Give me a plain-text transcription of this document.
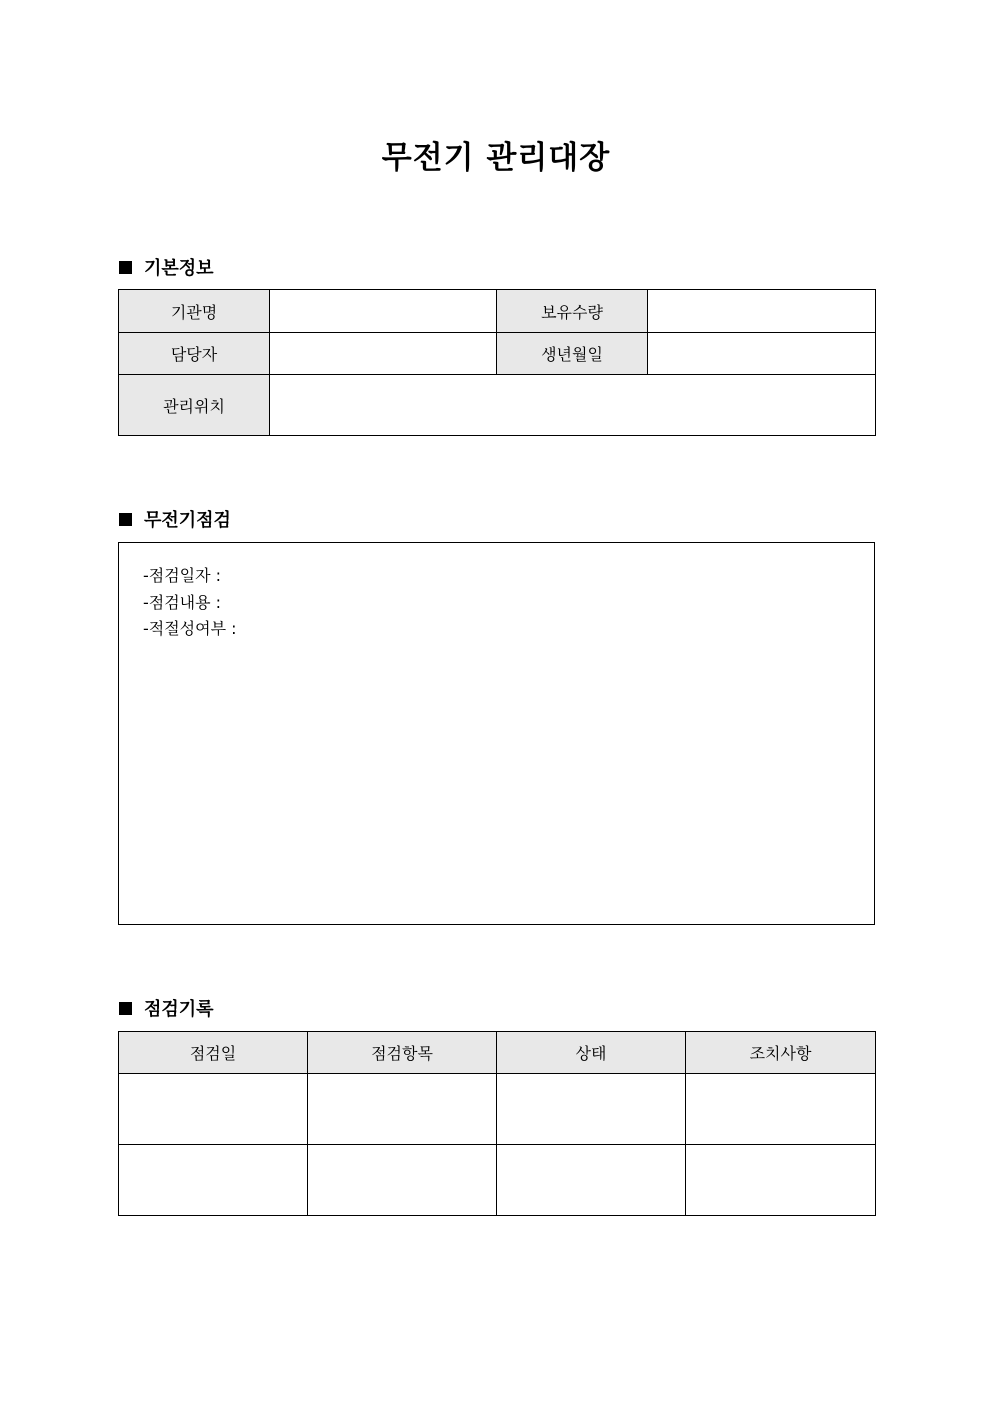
무전기 관리대장
기본정보
기관명		보유수량	
담당자		생년월일	
관리위치			
무전기점검
-점검일자 :
-점검내용 :
-적절성여부 :
점검기록
점검일	점검항목	상태	조치사항
